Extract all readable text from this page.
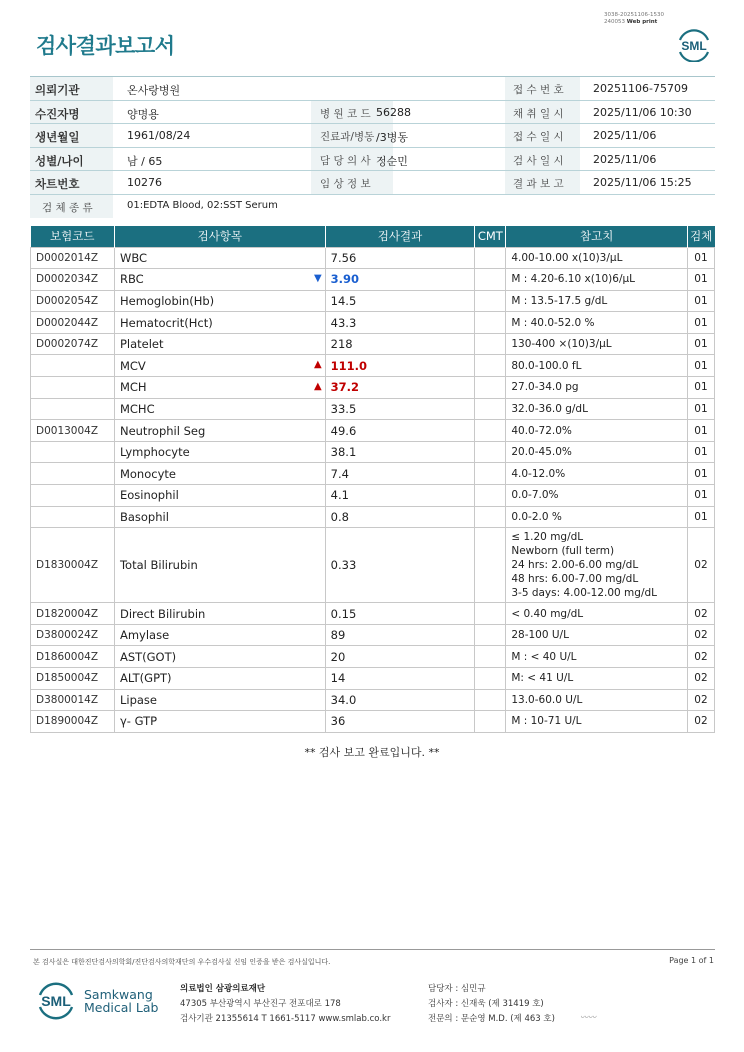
검사결과보고서
3038-20251106-1530
240053 Web print
SML
의뢰기관	온사랑병원	접 수 번 호	20251106-75709
수진자명	양명용	병 원 코 드 56288	채 취 일 시	2025/11/06 10:30
생년월일	1961/08/24	진료과/병동 /3병동	접 수 일 시	2025/11/06
성별/나이	남 / 65	담 당 의 사 정순민	검 사 일 시	2025/11/06
차트번호	10276	임 상 정 보	결 과 보 고	2025/11/06 15:25
검 체 종 류	01:EDTA Blood, 02:SST Serum
보험코드	검사항목	검사결과	CMT	참고치	검체
D0002014Z	WBC	7.56		4.00-10.00 x(10)3/μL	01
D0002034Z	RBC ▼	3.90		M : 4.20-6.10 x(10)6/μL	01
D0002054Z	Hemoglobin(Hb)	14.5		M : 13.5-17.5 g/dL	01
D0002044Z	Hematocrit(Hct)	43.3		M : 40.0-52.0 %	01
D0002074Z	Platelet	218		130-400 ×(10)3/μL	01
	MCV ▲	111.0		80.0-100.0 fL	01
	MCH ▲	37.2		27.0-34.0 pg	01
	MCHC	33.5		32.0-36.0 g/dL	01
D0013004Z	Neutrophil Seg	49.6		40.0-72.0%	01
	Lymphocyte	38.1		20.0-45.0%	01
	Monocyte	7.4		4.0-12.0%	01
	Eosinophil	4.1		0.0-7.0%	01
	Basophil	0.8		0.0-2.0 %	01
D1830004Z	Total Bilirubin	0.33		≤ 1.20 mg/dL
Newborn (full term)
24 hrs: 2.00-6.00 mg/dL
48 hrs: 6.00-7.00 mg/dL
3-5 days: 4.00-12.00 mg/dL	02
D1820004Z	Direct Bilirubin	0.15		< 0.40 mg/dL	02
D3800024Z	Amylase	89		28-100 U/L	02
D1860004Z	AST(GOT)	20		M : < 40 U/L	02
D1850004Z	ALT(GPT)	14		M: < 41 U/L	02
D3800014Z	Lipase	34.0		13.0-60.0 U/L	02
D1890004Z	γ- GTP	36		M : 10-71 U/L	02
** 검사 보고 완료입니다. **
본 검사실은 대한진단검사의학회/진단검사의학재단의 우수검사실 신임 인증을 받은 검사실입니다.	Page 1 of 1
SML Samkwang
Medical Lab
의료법인 삼광의료재단
47305 부산광역시 부산진구 전포대로 178
검사기관 21355614 T 1661-5117 www.smlab.co.kr
담당자 : 심민규
검사자 : 신재욱 (제 31419 호)
전문의 : 문순영 M.D. (제 463 호)	〰〰
